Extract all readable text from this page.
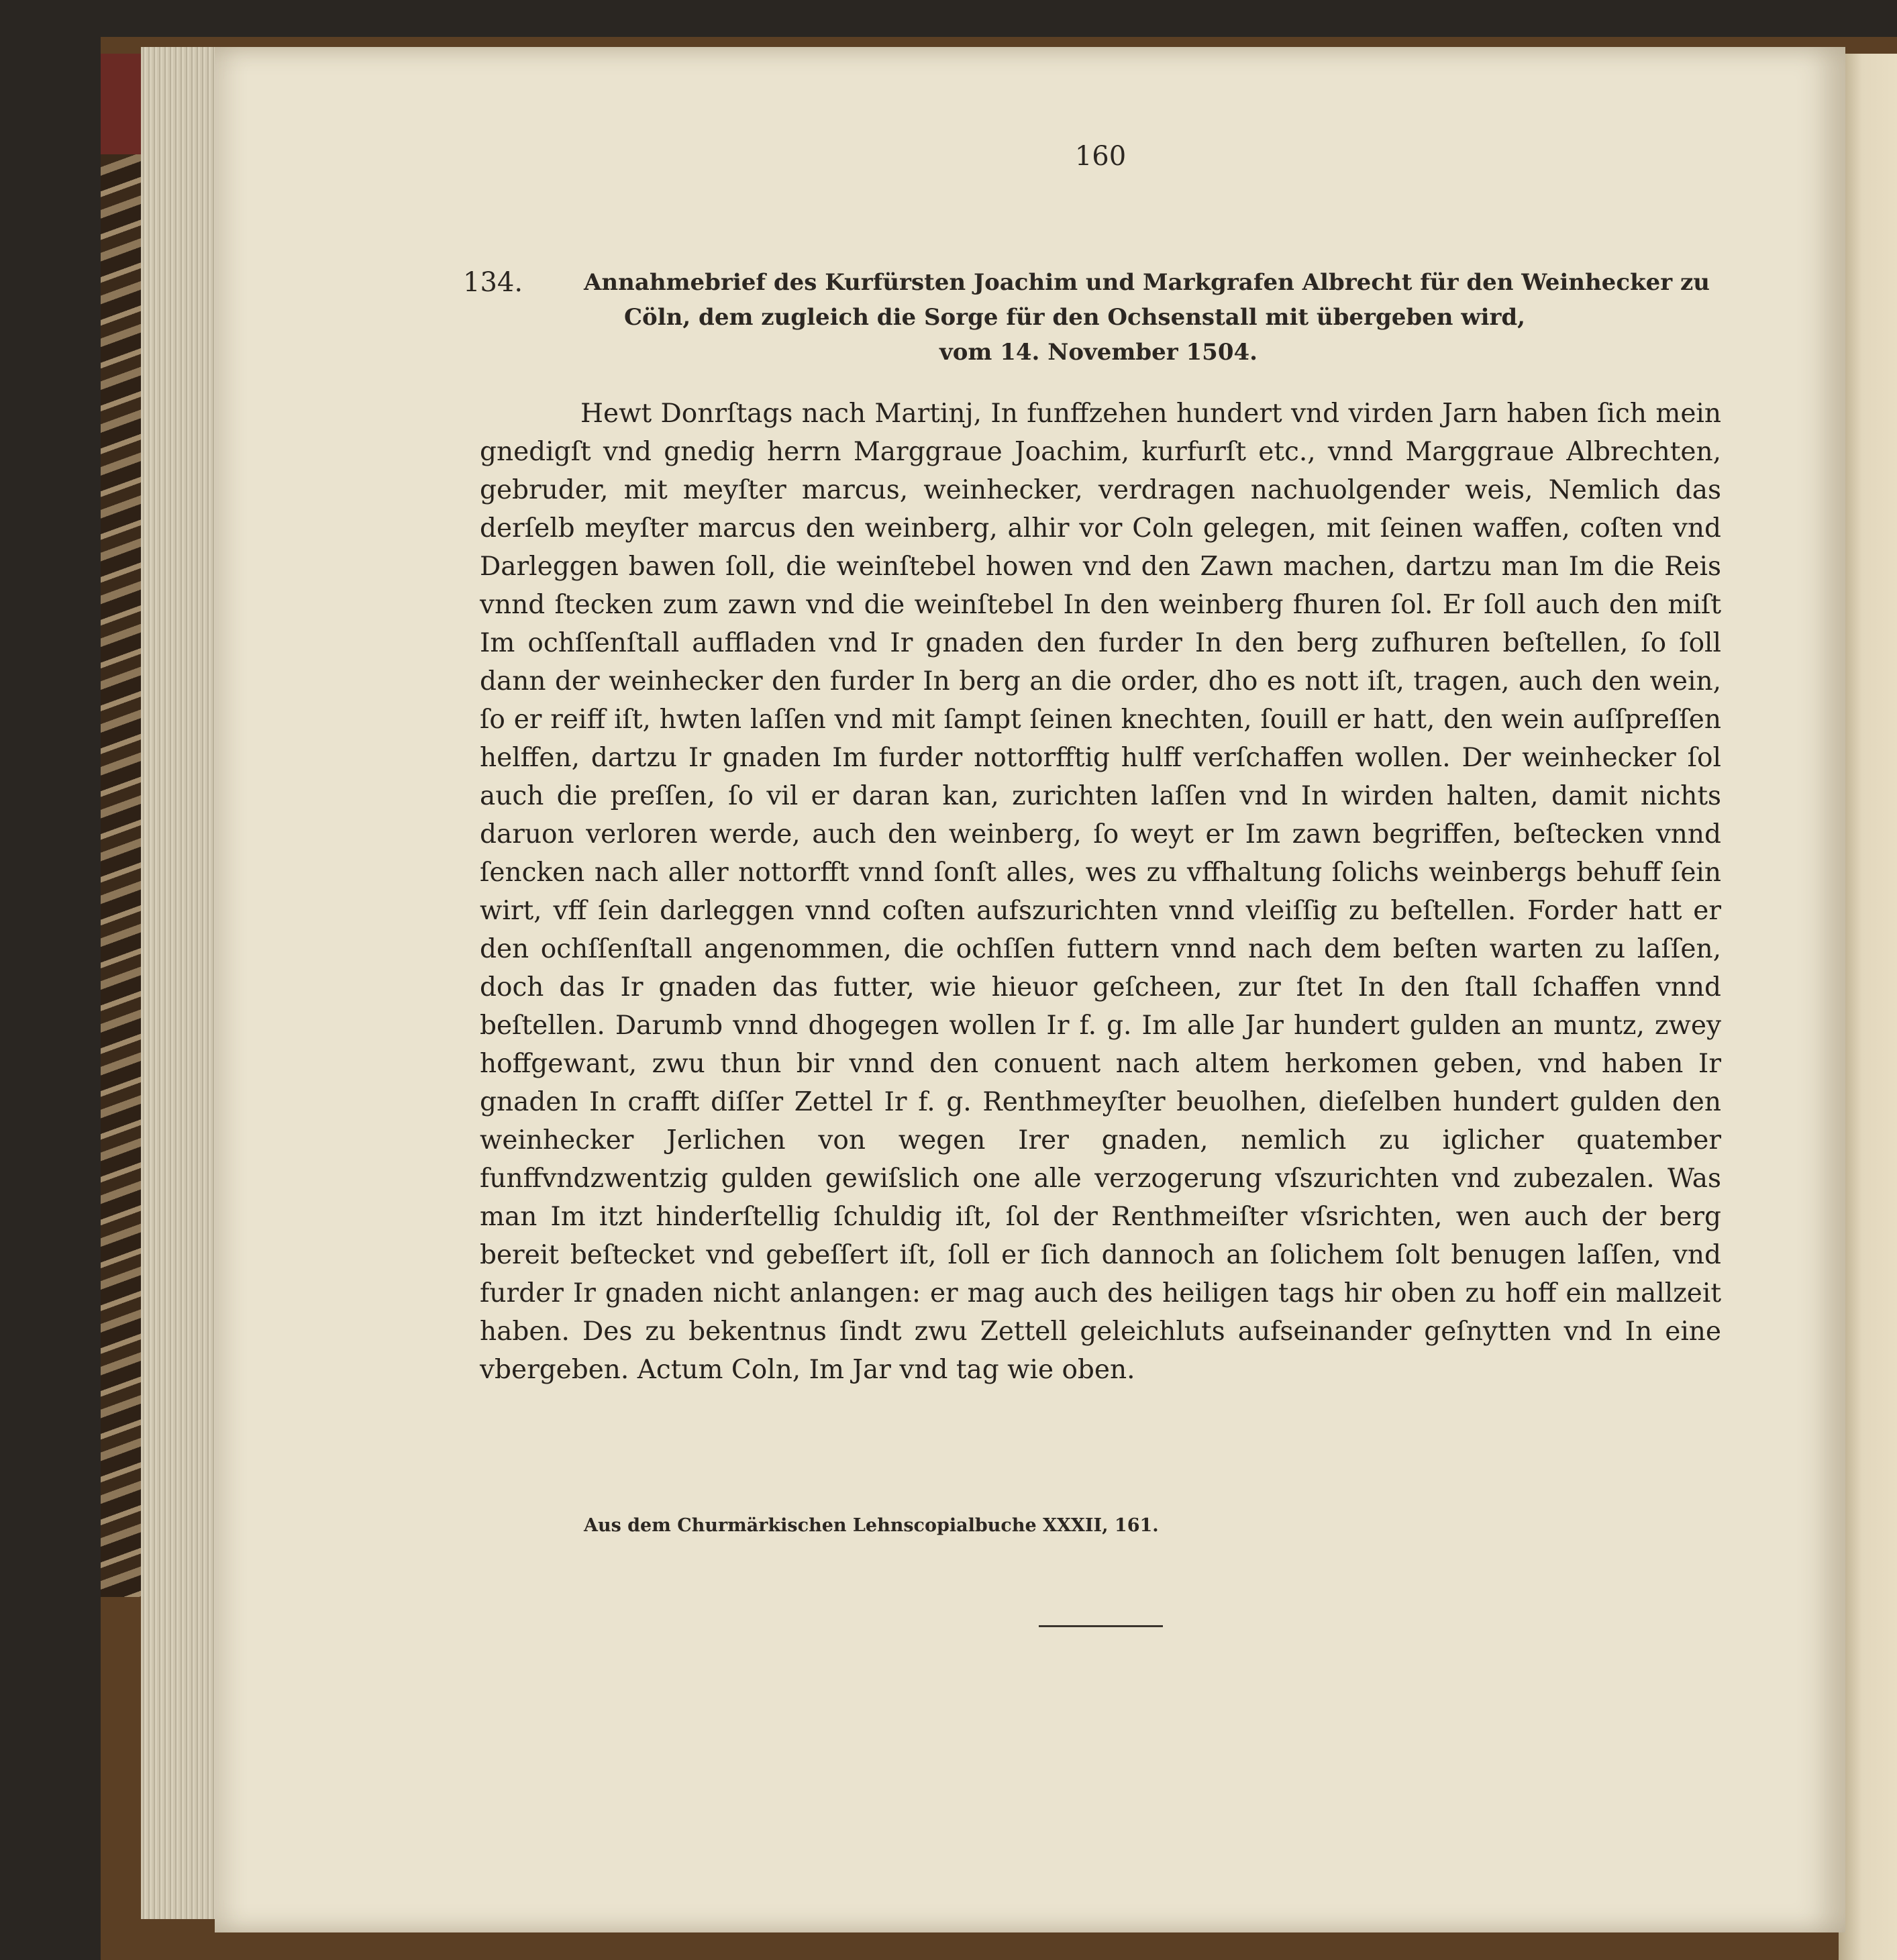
160
134.	Annahmebrief des Kurfürsten Joachim und Markgrafen Albrecht für den Weinhecker zu
Cöln, dem zugleich die Sorge für den Ochsenstall mit übergeben wird,
vom 14. November 1504.

Hewt Donrſtags nach Martinj, In funffzehen hundert vnd virden Jarn haben ſich mein gnedigſt vnd gnedig herrn Marggraue Joachim, kurfurſt etc., vnnd Marggraue Albrechten, gebruder, mit meyſter marcus, weinhecker, verdragen nachuolgender weis, Nemlich das derſelb meyſter marcus den weinberg, alhir vor Coln gelegen, mit ſeinen waffen, coſten vnd Darleggen bawen ſoll, die weinſtebel howen vnd den Zawn machen, dartzu man Im die Reis vnnd ſtecken zum zawn vnd die weinſtebel In den weinberg fhuren ſol. Er ſoll auch den miſt Im ochſſenſtall auffladen vnd Ir gnaden den furder In den berg zufhuren beſtellen, ſo ſoll dann der weinhecker den furder In berg an die order, dho es nott iſt, tragen, auch den wein, ſo er reiff iſt, hwten laſſen vnd mit ſampt ſeinen knechten, ſouill er hatt, den wein auſſpreſſen helffen, dartzu Ir gnaden Im furder nottorfftig hulff verſchaffen wollen. Der weinhecker ſol auch die preſſen, ſo vil er daran kan, zurichten laſſen vnd In wirden halten, damit nichts daruon verloren werde, auch den weinberg, ſo weyt er Im zawn begriffen, beſtecken vnnd ſencken nach aller nottorfft vnnd ſonſt alles, wes zu vffhaltung ſolichs weinbergs behuff ſein wirt, vff ſein darleggen vnnd coſten aufszurichten vnnd vleiſſig zu beſtellen. Forder hatt er den ochſſenſtall angenommen, die ochſſen futtern vnnd nach dem beſten warten zu laſſen, doch das Ir gnaden das futter, wie hieuor geſcheen, zur ſtet In den ſtall ſchaffen vnnd beſtellen. Darumb vnnd dhogegen wollen Ir f. g. Im alle Jar hundert gulden an muntz, zwey hoffgewant, zwu thun bir vnnd den conuent nach altem herkomen geben, vnd haben Ir gnaden In crafft diſſer Zettel Ir f. g. Renthmeyſter beuolhen, dieſelben hundert gulden den weinhecker Jerlichen von wegen Irer gnaden, nemlich zu iglicher quatember funffvndzwentzig gulden gewiſslich one alle verzogerung vſszurichten vnd zubezalen. Was man Im itzt hinderſtellig ſchuldig iſt, ſol der Renthmeiſter vſsrichten, wen auch der berg bereit beſtecket vnd gebeſſert iſt, ſoll er ſich dannoch an ſolichem ſolt benugen laſſen, vnd furder Ir gnaden nicht anlangen: er mag auch des heiligen tags hir oben zu hoff ein mallzeit haben. Des zu bekentnus ſindt zwu Zettell geleichluts aufseinander geſnytten vnd In eine vbergeben. Actum Coln, Im Jar vnd tag wie oben.

Aus dem Churmärkischen Lehnscopialbuche XXXII, 161.
